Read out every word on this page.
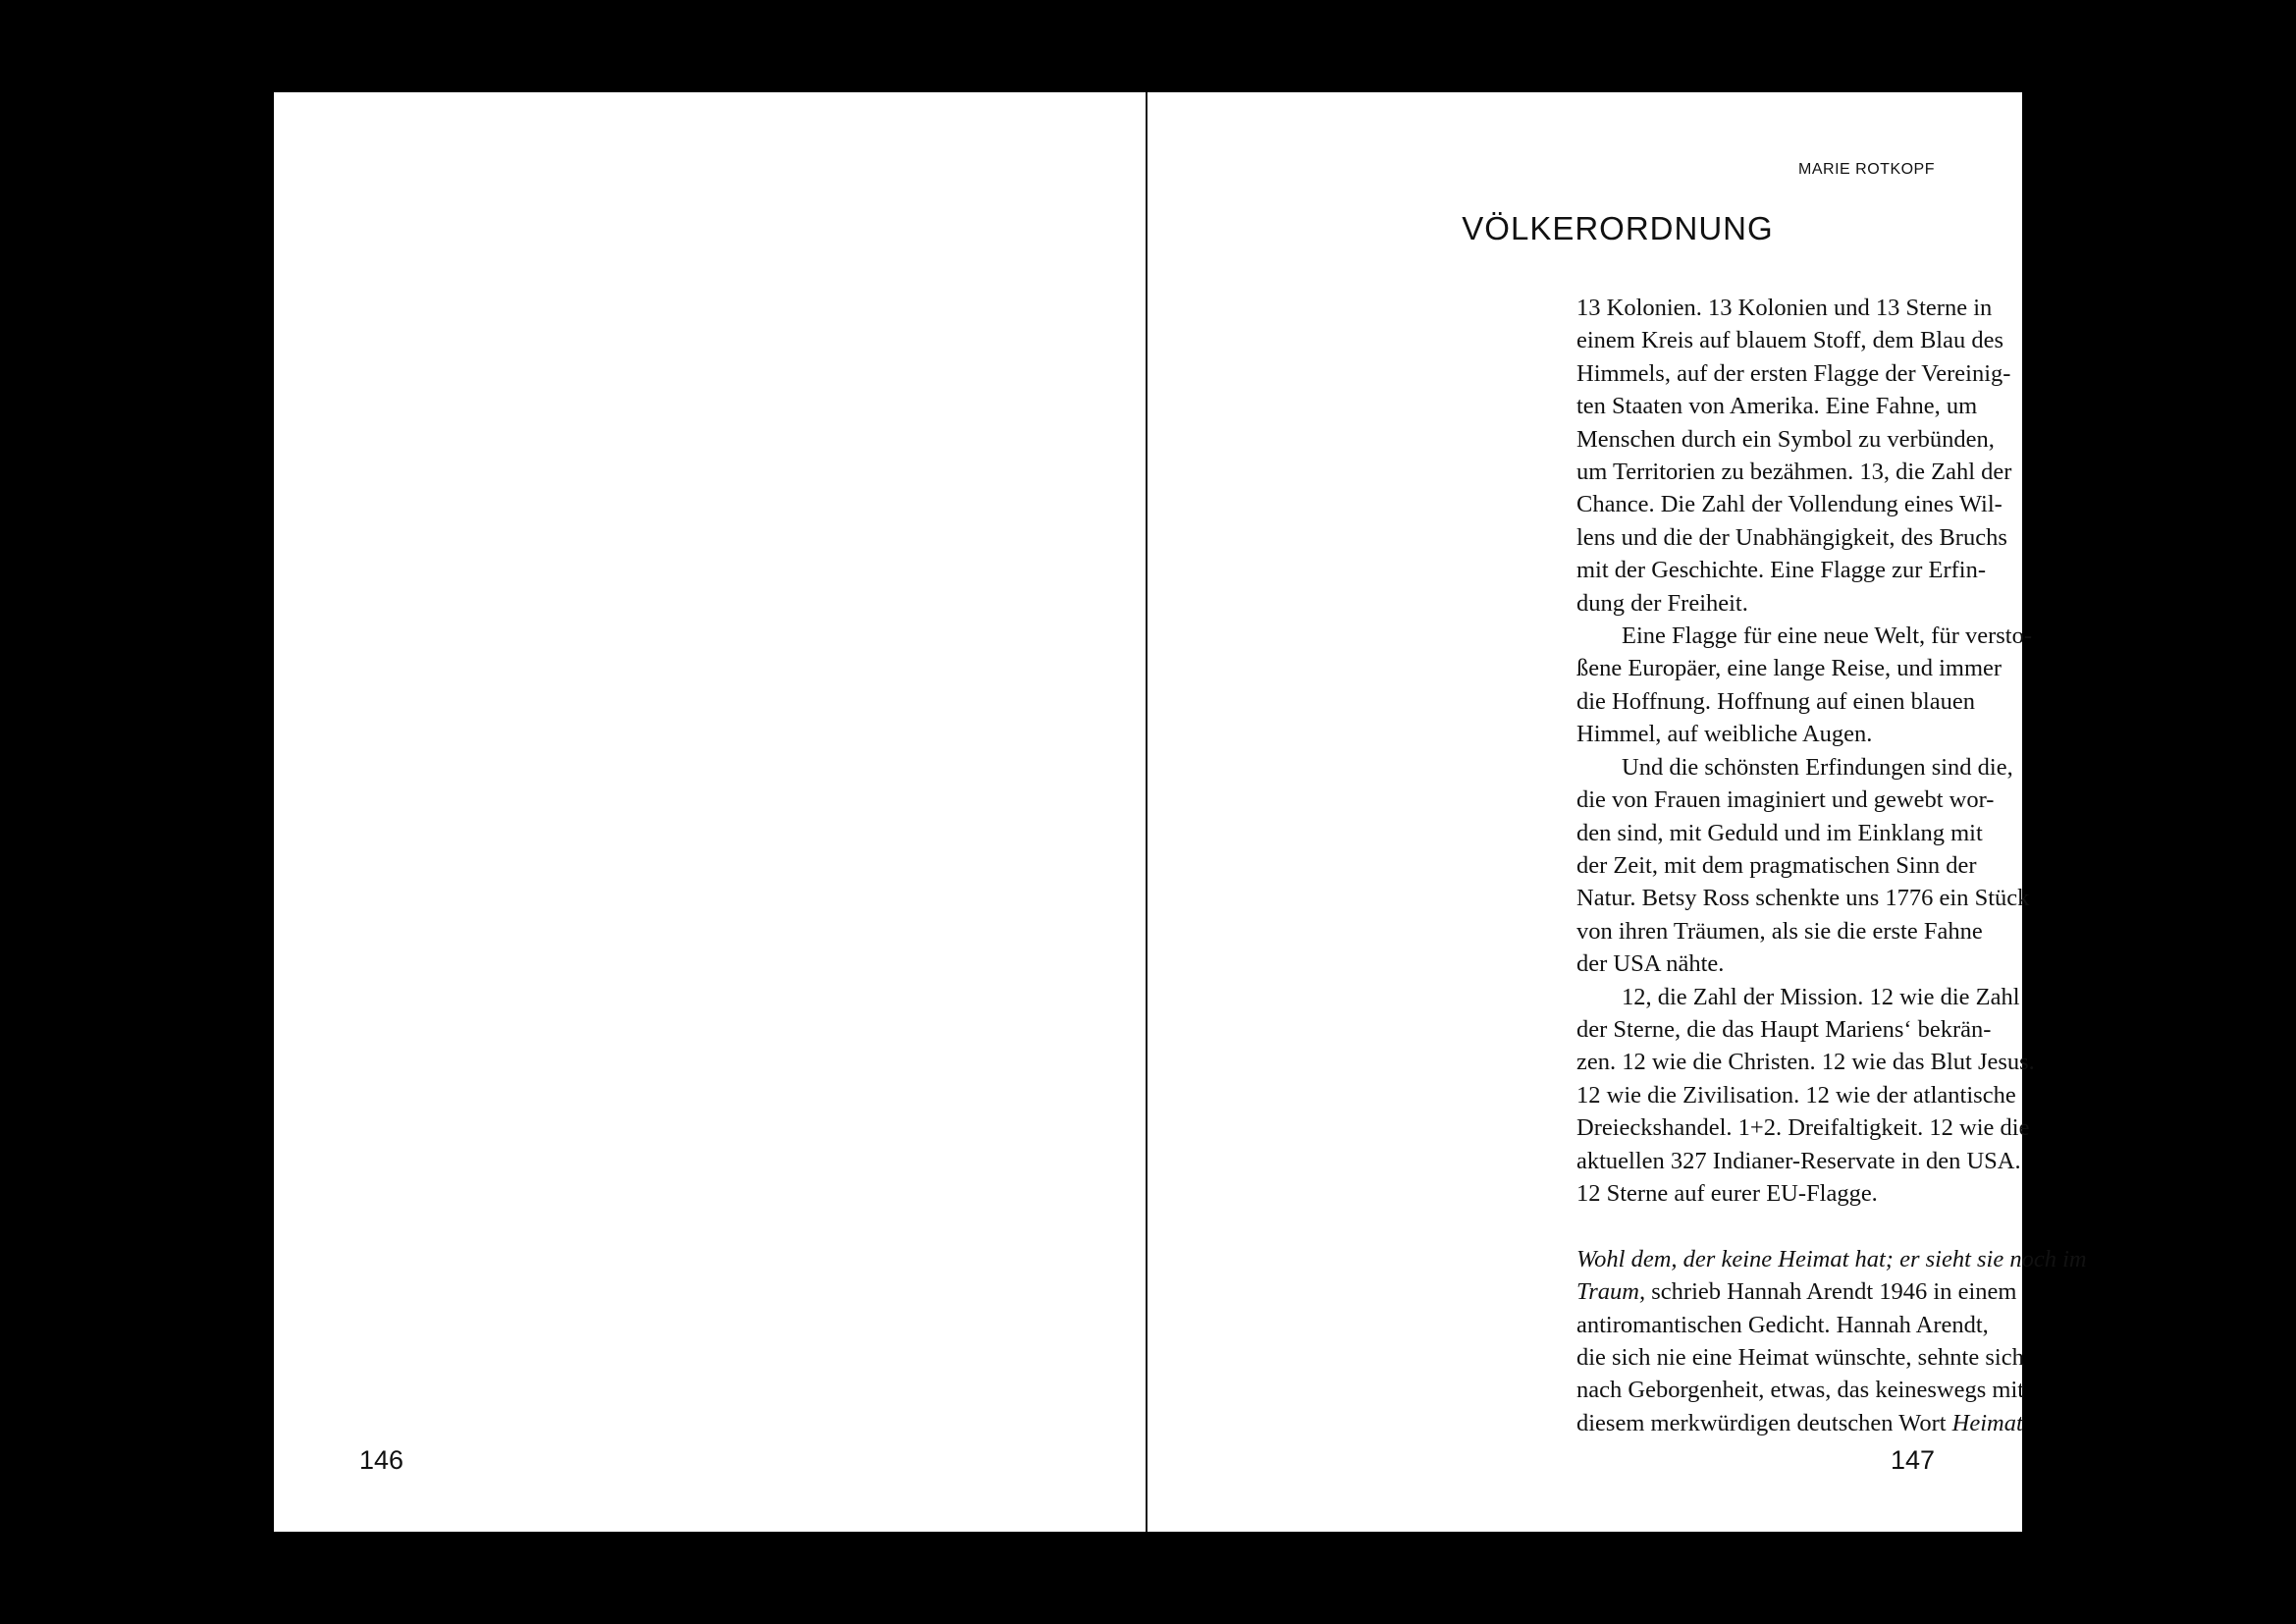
146
MARIE ROTKOPF
VÖLKERORDNUNG
13 Kolonien. 13 Kolonien und 13 Sterne in
einem Kreis auf blauem Stoff, dem Blau des
Himmels, auf der ersten Flagge der Vereinig-
ten Staaten von Amerika. Eine Fahne, um
Menschen durch ein Symbol zu verbünden,
um Territorien zu bezähmen. 13, die Zahl der
Chance. Die Zahl der Vollendung eines Wil-
lens und die der Unabhängigkeit, des Bruchs
mit der Geschichte. Eine Flagge zur Erfin-
dung der Freiheit.
Eine Flagge für eine neue Welt, für versto-
ßene Europäer, eine lange Reise, und immer
die Hoffnung. Hoffnung auf einen blauen
Himmel, auf weibliche Augen.
Und die schönsten Erfindungen sind die,
die von Frauen imaginiert und gewebt wor-
den sind, mit Geduld und im Einklang mit
der Zeit, mit dem pragmatischen Sinn der
Natur. Betsy Ross schenkte uns 1776 ein Stück
von ihren Träumen, als sie die erste Fahne
der USA nähte.
12, die Zahl der Mission. 12 wie die Zahl
der Sterne, die das Haupt Mariens‘ bekrän-
zen. 12 wie die Christen. 12 wie das Blut Jesus.
12 wie die Zivilisation. 12 wie der atlantische
Dreieckshandel. 1+2. Dreifaltigkeit. 12 wie die
aktuellen 327 Indianer-Reservate in den USA.
12 Sterne auf eurer EU-Flagge.
Wohl dem, der keine Heimat hat; er sieht sie noch im
Traum, schrieb Hannah Arendt 1946 in einem
antiromantischen Gedicht. Hannah Arendt,
die sich nie eine Heimat wünschte, sehnte sich
nach Geborgenheit, etwas, das keineswegs mit
diesem merkwürdigen deutschen Wort Heimat
147
